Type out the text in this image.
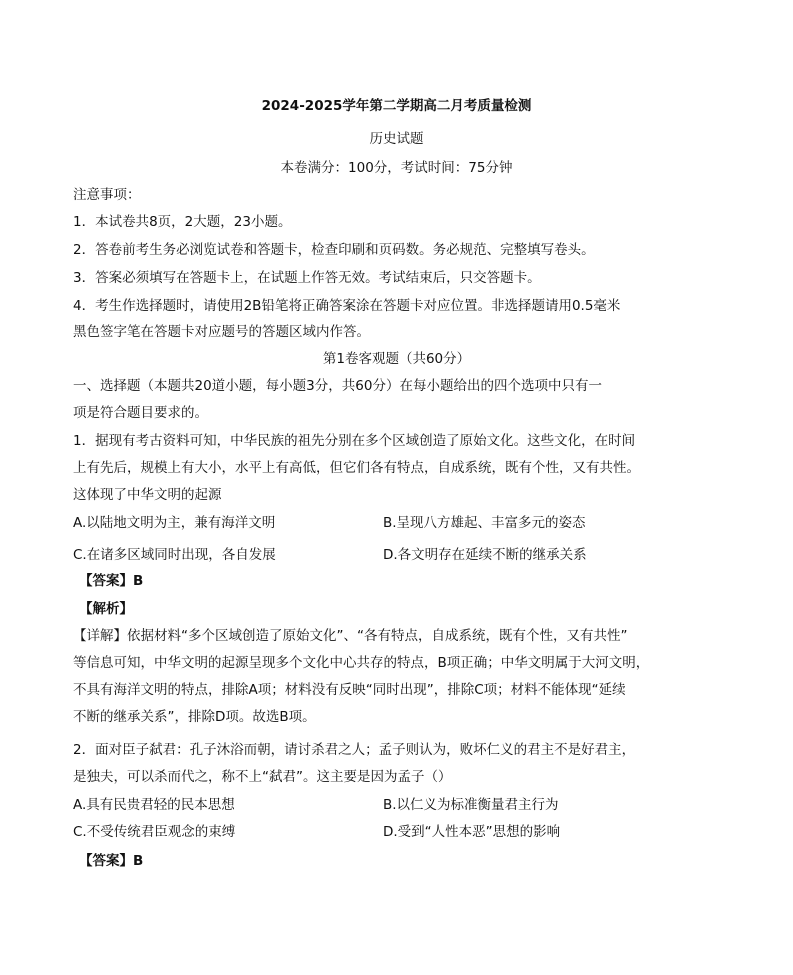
2024-2025学年第二学期高二月考质量检测
历史试题
本卷满分：100分，考试时间：75分钟
注意事项：
1．本试卷共8页，2大题，23小题。
2．答卷前考生务必浏览试卷和答题卡，检查印刷和页码数。务必规范、完整填写卷头。
3．答案必须填写在答题卡上，在试题上作答无效。考试结束后，只交答题卡。
4．考生作选择题时，请使用2B铅笔将正确答案涂在答题卡对应位置。非选择题请用0.5毫米
黑色签字笔在答题卡对应题号的答题区域内作答。
第1卷客观题（共60分）
一、选择题（本题共20道小题，每小题3分，共60分）在每小题给出的四个选项中只有一
项是符合题目要求的。
1．据现有考古资料可知，中华民族的祖先分别在多个区域创造了原始文化。这些文化，在时间
上有先后，规模上有大小，水平上有高低，但它们各有特点，自成系统，既有个性，又有共性。
这体现了中华文明的起源
A.以陆地文明为主，兼有海洋文明	B.呈现八方雄起、丰富多元的姿态
C.在诸多区域同时出现，各自发展	D.各文明存在延续不断的继承关系
【答案】B
【解析】
【详解】依据材料“多个区域创造了原始文化”、“各有特点，自成系统，既有个性，又有共性”
等信息可知，中华文明的起源呈现多个文化中心共存的特点，B项正确；中华文明属于大河文明，
不具有海洋文明的特点，排除A项；材料没有反映“同时出现”，排除C项；材料不能体现“延续
不断的继承关系”，排除D项。故选B项。
2．面对臣子弑君：孔子沐浴而朝，请讨杀君之人；孟子则认为，败坏仁义的君主不是好君主，
是独夫，可以杀而代之，称不上“弑君”。这主要是因为孟子（）
A.具有民贵君轻的民本思想	B.以仁义为标准衡量君主行为
C.不受传统君臣观念的束缚	D.受到“人性本恶”思想的影响
【答案】B
